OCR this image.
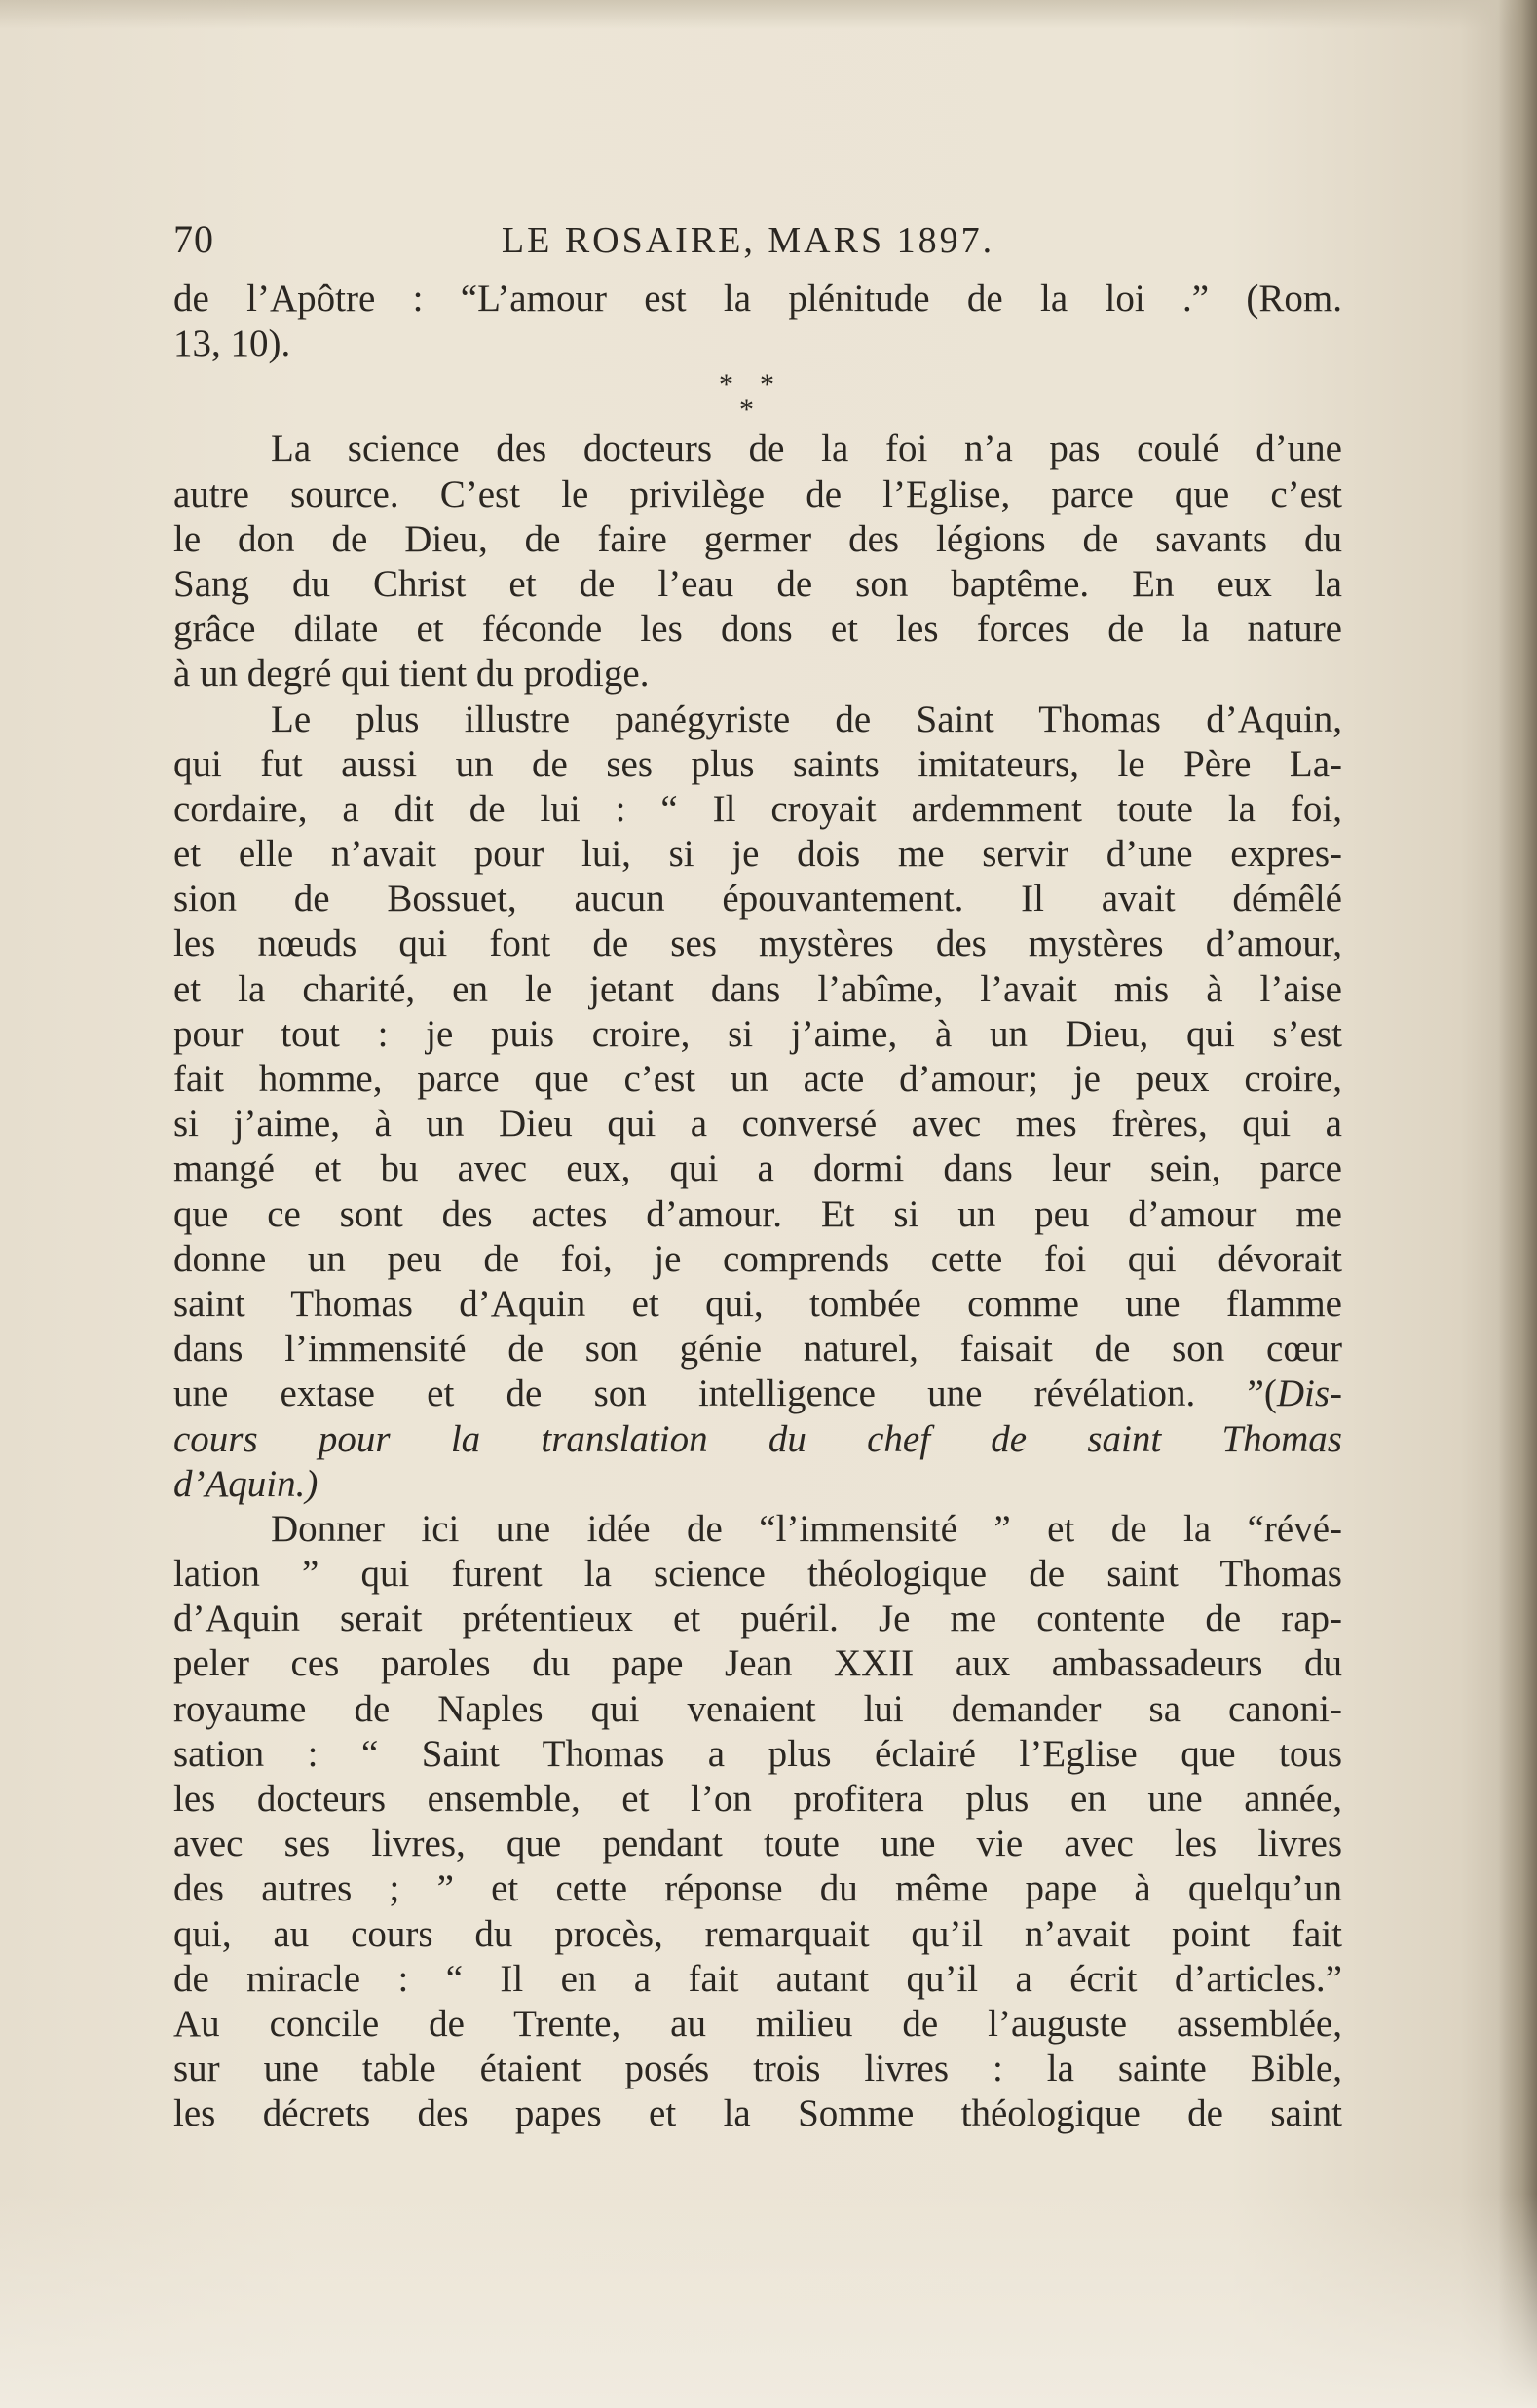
70	LE ROSAIRE, MARS 1897.
de l’Apôtre : “L’amour est la plénitude de la loi .” (Rom.
13, 10).
* *
*
La science des docteurs de la foi n’a pas coulé d’une
autre source. C’est le privilège de l’Eglise, parce que c’est
le don de Dieu, de faire germer des légions de savants du
Sang du Christ et de l’eau de son baptême. En eux la
grâce dilate et féconde les dons et les forces de la nature
à un degré qui tient du prodige.
Le plus illustre panégyriste de Saint Thomas d’Aquin,
qui fut aussi un de ses plus saints imitateurs, le Père La-
cordaire, a dit de lui : “ Il croyait ardemment toute la foi,
et elle n’avait pour lui, si je dois me servir d’une expres-
sion de Bossuet, aucun épouvantement. Il avait démêlé
les nœuds qui font de ses mystères des mystères d’amour,
et la charité, en le jetant dans l’abîme, l’avait mis à l’aise
pour tout : je puis croire, si j’aime, à un Dieu, qui s’est
fait homme, parce que c’est un acte d’amour; je peux croire,
si j’aime, à un Dieu qui a conversé avec mes frères, qui a
mangé et bu avec eux, qui a dormi dans leur sein, parce
que ce sont des actes d’amour. Et si un peu d’amour me
donne un peu de foi, je comprends cette foi qui dévorait
saint Thomas d’Aquin et qui, tombée comme une flamme
dans l’immensité de son génie naturel, faisait de son cœur
une extase et de son intelligence une révélation. ”(Dis-
cours pour la translation du chef de saint Thomas
d’Aquin.)
Donner ici une idée de “l’immensité ” et de la “révé-
lation ” qui furent la science théologique de saint Thomas
d’Aquin serait prétentieux et puéril. Je me contente de rap-
peler ces paroles du pape Jean XXII aux ambassadeurs du
royaume de Naples qui venaient lui demander sa canoni-
sation : “ Saint Thomas a plus éclairé l’Eglise que tous
les docteurs ensemble, et l’on profitera plus en une année,
avec ses livres, que pendant toute une vie avec les livres
des autres ; ” et cette réponse du même pape à quelqu’un
qui, au cours du procès, remarquait qu’il n’avait point fait
de miracle : “ Il en a fait autant qu’il a écrit d’articles.”
Au concile de Trente, au milieu de l’auguste assemblée,
sur une table étaient posés trois livres : la sainte Bible,
les décrets des papes et la Somme théologique de saint
